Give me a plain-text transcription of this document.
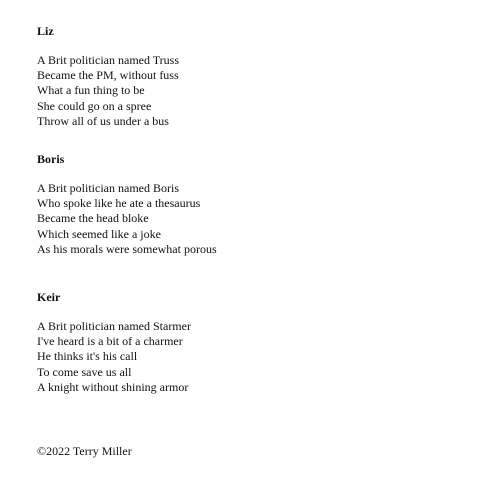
Liz
A Brit politician named Truss
Became the PM, without fuss
What a fun thing to be
She could go on a spree
Throw all of us under a bus
Boris
A Brit politician named Boris
Who spoke like he ate a thesaurus
Became the head bloke
Which seemed like a joke
As his morals were somewhat porous
Keir
A Brit politician named Starmer
I've heard is a bit of a charmer
He thinks it's his call
To come save us all
A knight without shining armor
©2022 Terry Miller
